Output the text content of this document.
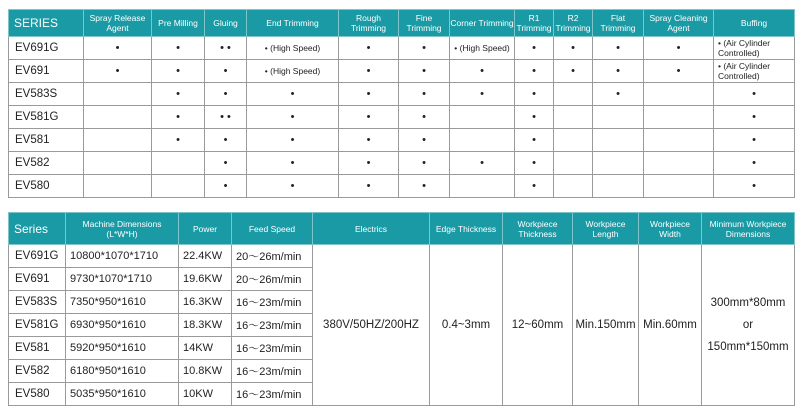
SERIES	Spray Release Agent	Pre Milling	Gluing	End Trimming	Rough Trimming	Fine Trimming	Corner Trimming	R1 Trimming	R2 Trimming	Flat Trimming	Spray Cleaning Agent	Buffing
EV691G	•	•	• •	• (High Speed)	•	•	• (High Speed)	•	•	•	•	• (Air Cylinder Controlled)
EV691	•	•	•	• (High Speed)	•	•	•	•	•	•	•	• (Air Cylinder Controlled)
EV583S		•	•	•	•	•	•	•		•		•
EV581G		•	• •	•	•	•		•				•
EV581		•	•	•	•	•		•				•
EV582			•	•	•	•	•	•				•
EV580			•	•	•	•		•				•
Series	Machine Dimensions (L*W*H)	Power	Feed Speed	Electrics	Edge Thickness	Workpiece Thickness	Workpiece Length	Workpiece Width	Minimum Workpiece Dimensions
EV691G	10800*1070*1710	22.4KW	20～26m/min	380V/50HZ/200HZ	0.4~3mm	12~60mm	Min.150mm	Min.60mm	300mm*80mm
or
150mm*150mm

EV691	9730*1070*1710	19.6KW	20～26m/min						
EV583S	7350*950*1610	16.3KW	16～23m/min						
EV581G	6930*950*1610	18.3KW	16～23m/min						
EV581	5920*950*1610	14KW	16～23m/min						
EV582	6180*950*1610	10.8KW	16～23m/min						
EV580	5035*950*1610	10KW	16～23m/min						
